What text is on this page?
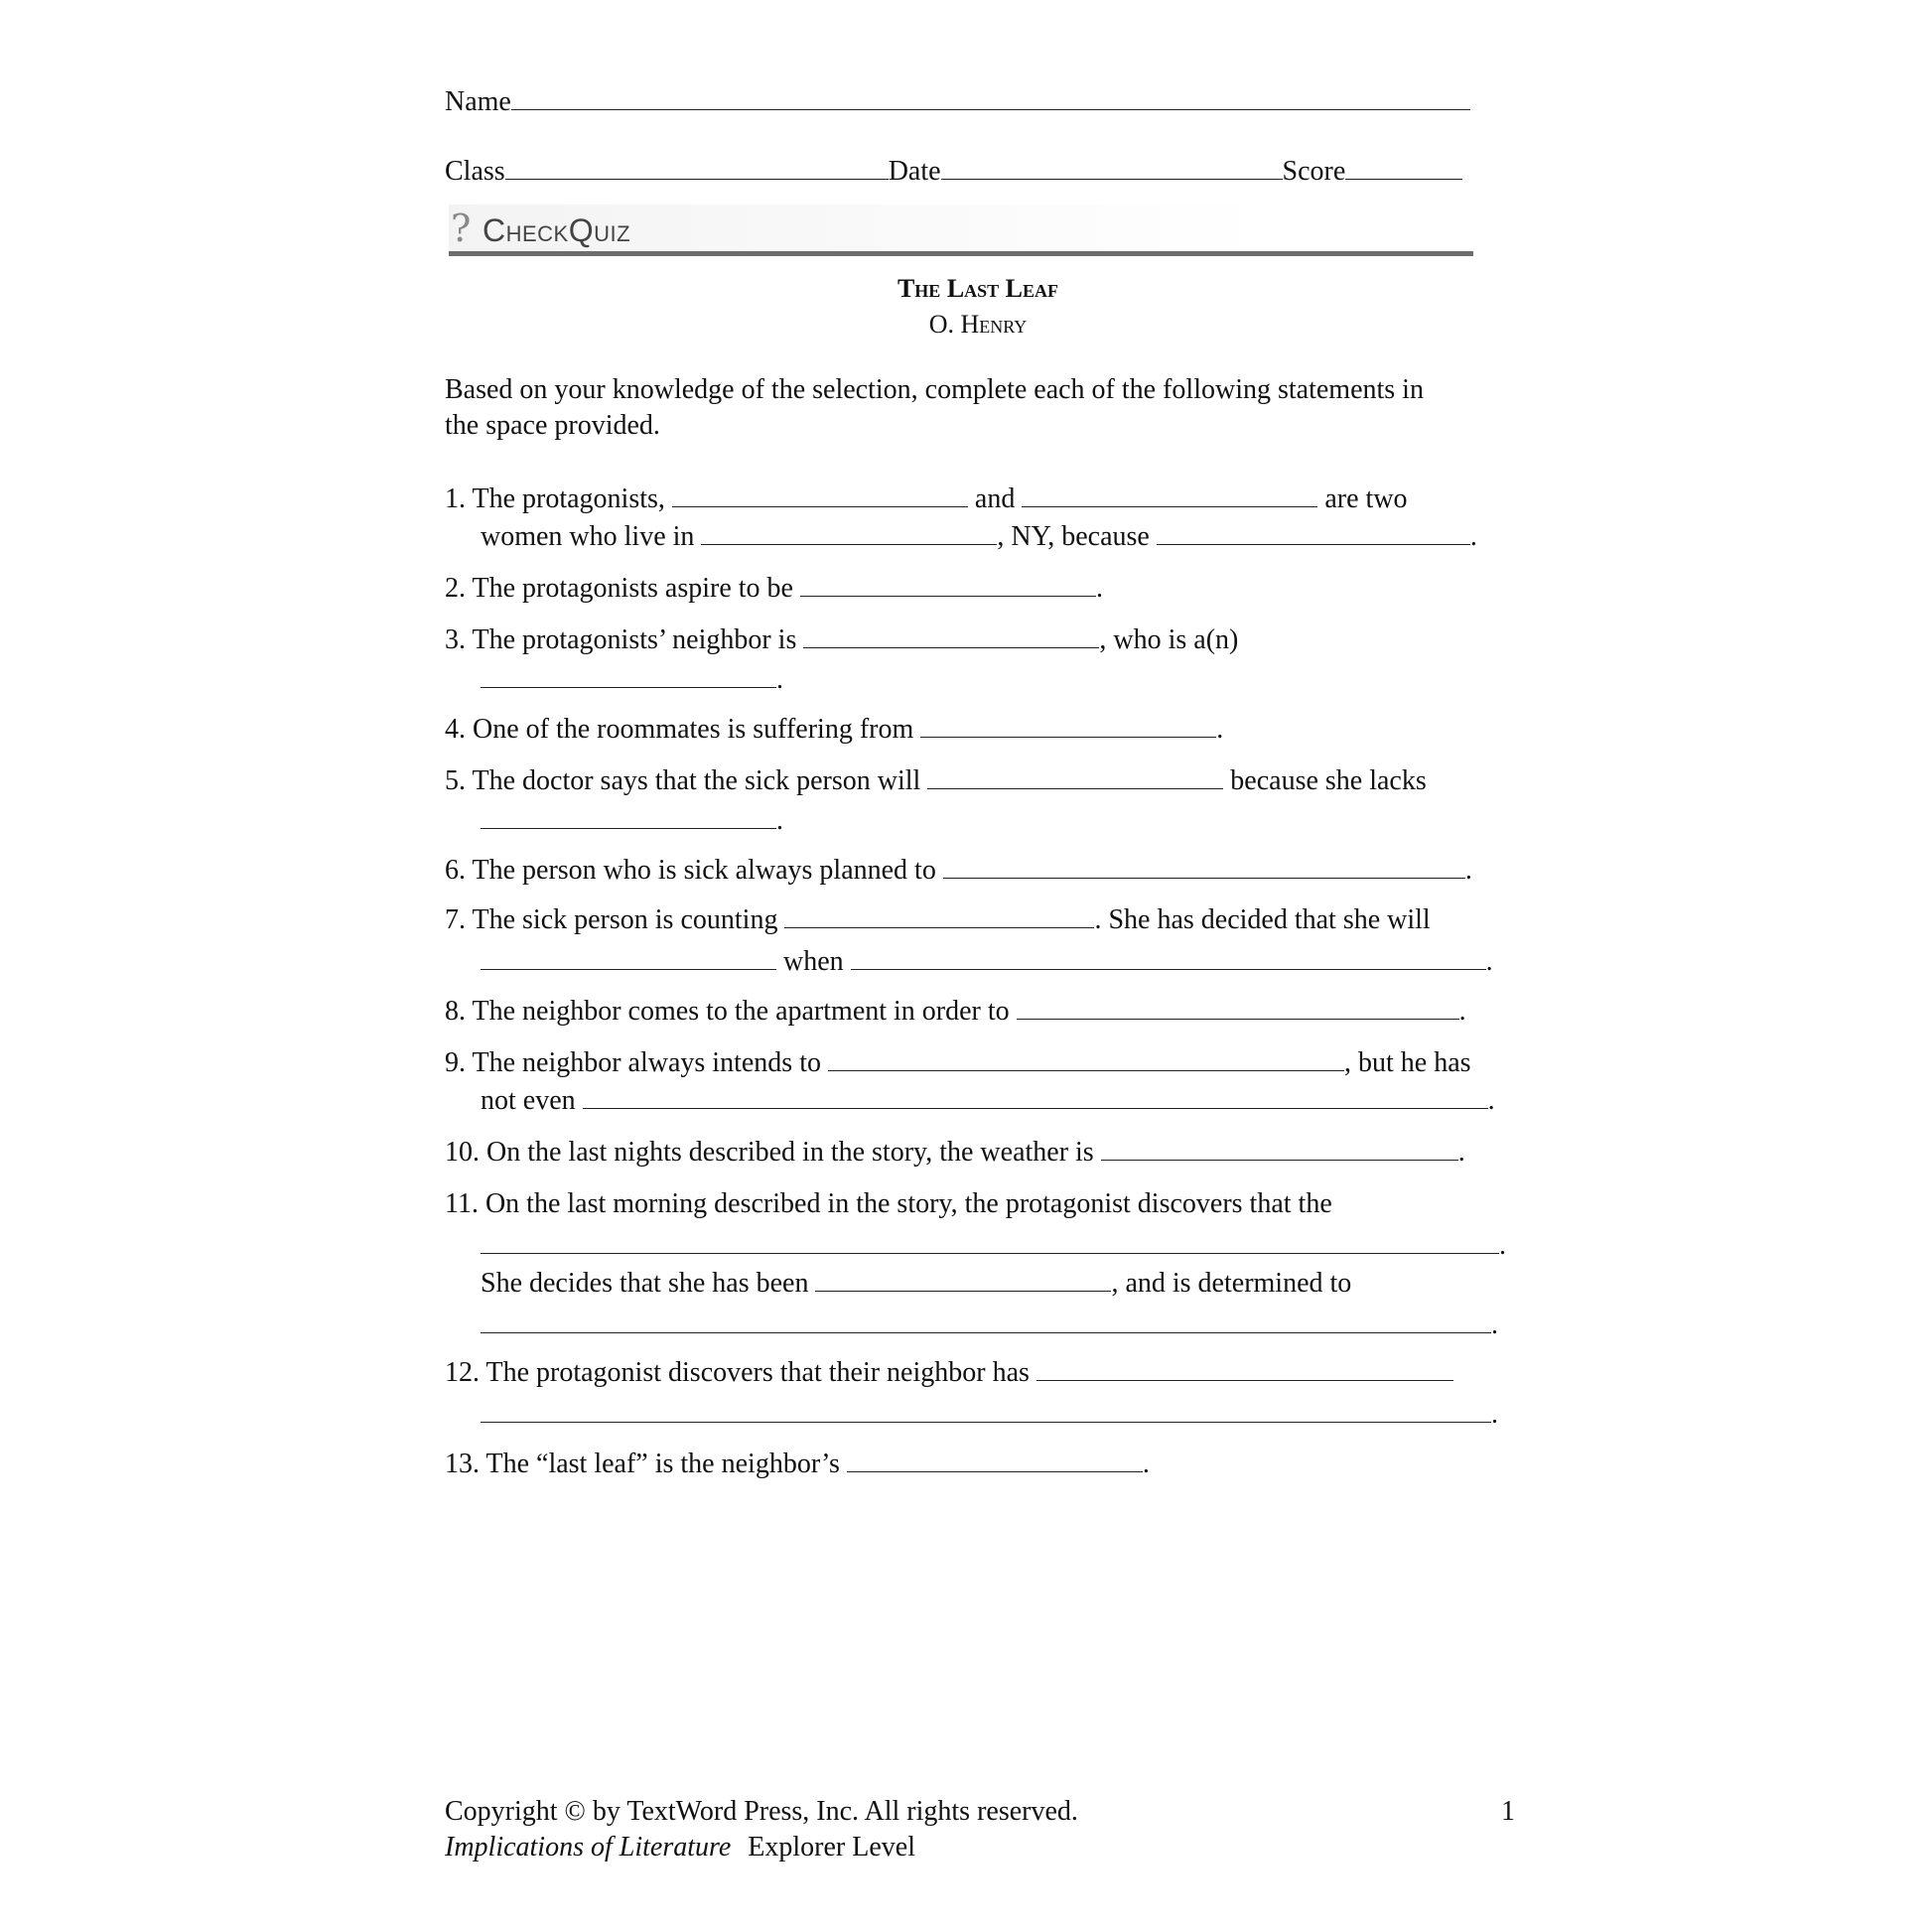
Name
Class	Date	Score
? CheckQuiz
The Last Leaf
O. Henry
Based on your knowledge of the selection, complete each of the following statements in
the space provided.
1. The protagonists,	and	are two
women who live in	, NY, because	.
2. The protagonists aspire to be	.
3. The protagonists’ neighbor is	, who is a(n)
.
4. One of the roommates is suffering from	.
5. The doctor says that the sick person will	because she lacks
.
6. The person who is sick always planned to	.
7. The sick person is counting	. She has decided that she will
when	.
8. The neighbor comes to the apartment in order to	.
9. The neighbor always intends to	, but he has
not even	.
10. On the last nights described in the story, the weather is	.
11. On the last morning described in the story, the protagonist discovers that the
.
She decides that she has been	, and is determined to
.
12. The protagonist discovers that their neighbor has
.
13. The “last leaf” is the neighbor’s	.
Copyright © by TextWord Press, Inc. All rights reserved.	1
Implications of Literature Explorer Level
